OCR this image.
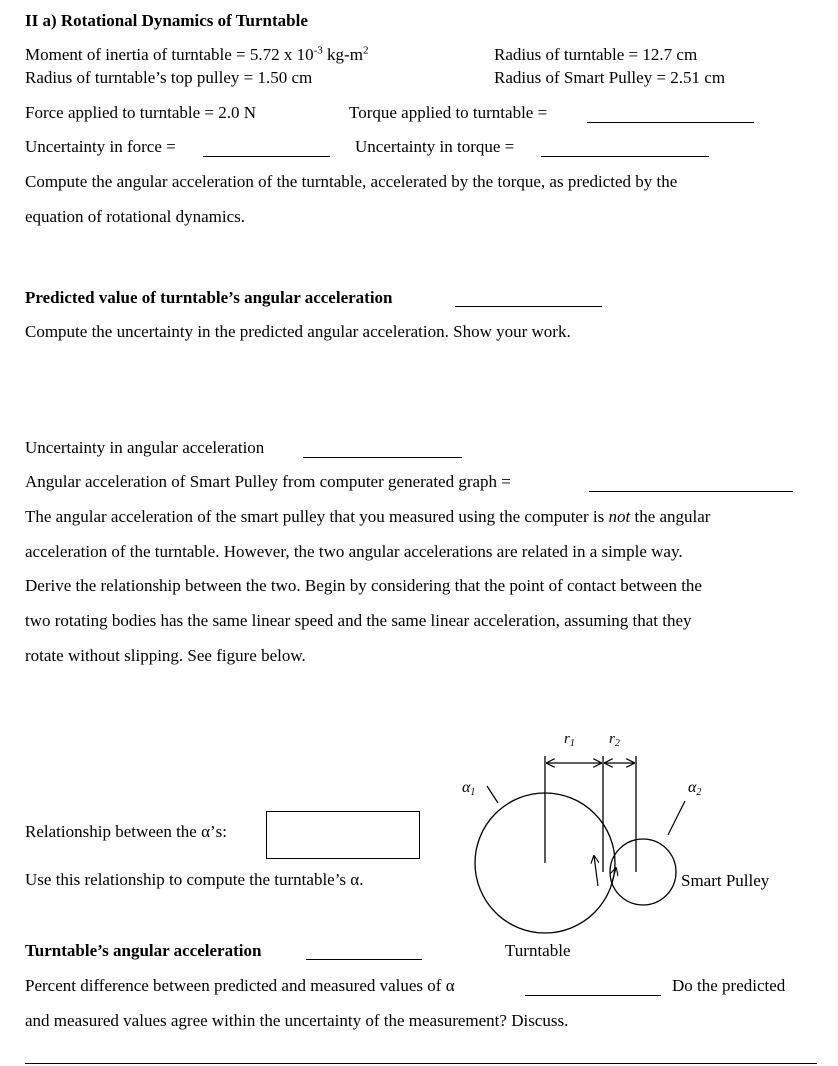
II a) Rotational Dynamics of Turntable
Moment of inertia of turntable = 5.72 x $10^{-3}$ $kg-m^2$	Radius of turntable = 12.7 cm
Radius of turntable’s top pulley = 1.50 cm	Radius of Smart Pulley = 2.51 cm
Force applied to turntable = 2.0 N	Torque applied to turntable =
Uncertainty in force =	Uncertainty in torque =
Compute the angular acceleration of the turntable, accelerated by the torque, as predicted by the
equation of rotational dynamics.
Predicted value of turntable’s angular acceleration
Compute the uncertainty in the predicted angular acceleration. Show your work.
Uncertainty in angular acceleration
Angular acceleration of Smart Pulley from computer generated graph =
The angular acceleration of the smart pulley that you measured using the computer is not the angular
acceleration of the turntable. However, the two angular accelerations are related in a simple way.
Derive the relationship between the two. Begin by considering that the point of contact between the
two rotating bodies has the same linear speed and the same linear acceleration, assuming that they
rotate without slipping. See figure below.
Relationship between the α’s:
Use this relationship to compute the turntable’s α.
$r_1$ $r_2$
α1	α2
Smart Pulley
Turntable
Turntable’s angular acceleration
Percent difference between predicted and measured values of α	Do the predicted
and measured values agree within the uncertainty of the measurement? Discuss.
